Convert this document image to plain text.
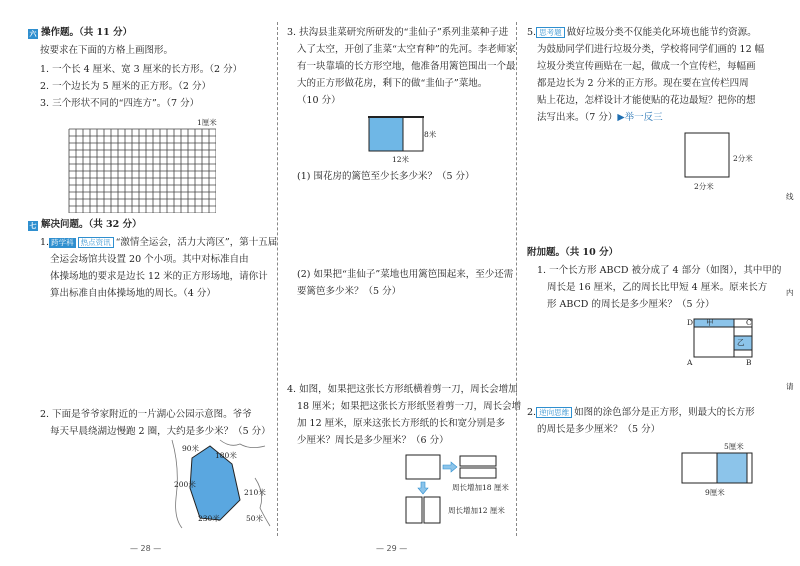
六 操作题。（共 11 分）
按要求在下面的方格上画图形。
1. 一个长 4 厘米、宽 3 厘米的长方形。（2 分）
2. 一个边长为 5 厘米的正方形。（2 分）
3. 三个形状不同的“四连方”。（7 分）
1厘米
七 解决问题。（共 32 分）
1. 跨学科 热点资讯 “激情全运会，活力大湾区”，第十五届
全运会场馆共设置 20 个小项。其中对标准自由
体操场地的要求是边长 12 米的正方形场地，请你计
算出标准自由体操场地的周长。（4 分）
2. 下面是爷爷家附近的一片湖心公园示意图。爷爷
每天早晨绕湖边慢跑 2 圈，大约是多少米？（5 分）
90米
180米
200米
210米
230米	50米
— 28 —
3. 扶沟县韭菜研究所研发的“韭仙子”系列韭菜种子进
入了太空，开创了韭菜“太空育种”的先河。李老师家
有一块靠墙的长方形空地，他准备用篱笆围出一个最
大的正方形做花房，剩下的做“韭仙子”菜地。
（10 分）
8米
12米
(1) 围花房的篱笆至少长多少米？（5 分）
(2) 如果把“韭仙子”菜地也用篱笆围起来，至少还需
要篱笆多少米？（5 分）
4. 如图，如果把这张长方形纸横着剪一刀，周长会增加
18 厘米；如果把这张长方形纸竖着剪一刀，周长会增
加 12 厘米，原来这张长方形纸的长和宽分别是多
少厘米？周长是多少厘米？（6 分）
周长增加18 厘米
周长增加12 厘米
— 29 —
5. 思考题 做好垃圾分类不仅能美化环境也能节约资源。
为鼓励同学们进行垃圾分类，学校将同学们画的 12 幅
垃圾分类宣传画贴在一起，做成一个宣传栏，每幅画
都是边长为 2 分米的正方形。现在要在宣传栏四周
贴上花边，怎样设计才能使贴的花边最短？把你的想
法写出来。（7 分）▶举一反三
2分米
2分米
附加题。（共 10 分）
1. 一个长方形 ABCD 被分成了 4 部分（如图），其中甲的
周长是 16 厘米，乙的周长比甲短 4 厘米。原来长方
形 ABCD 的周长是多少厘米？（5 分）
D 甲	C
A	B
乙
2. 逆向思维 如图的涂色部分是正方形，则最大的长方形
的周长是多少厘米？（5 分）
5厘米
9厘米
线
内
请
